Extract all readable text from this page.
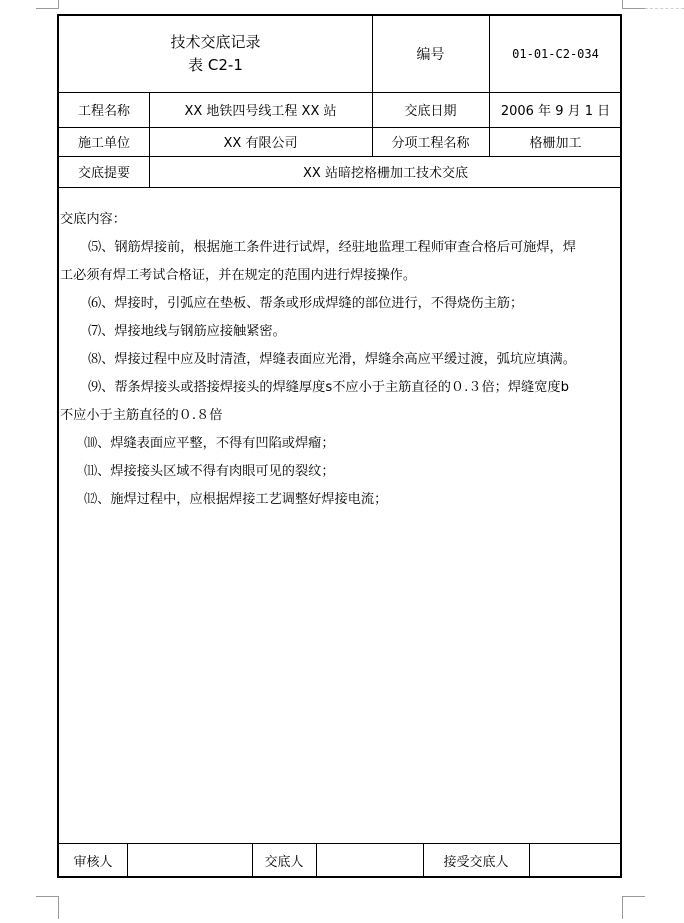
技术交底记录
表 C2-1
编号	01-01-C2-034
工程名称	XX 地铁四号线工程 XX 站	交底日期	2006 年 9 月 1 日
施工单位	XX 有限公司	分项工程名称	格栅加工
交底提要	XX 站暗挖格栅加工技术交底

交底内容：

⑸、钢筋焊接前，根据施工条件进行试焊，经驻地监理工程师审查合格后可施焊，焊

工必须有焊工考试合格证，并在规定的范围内进行焊接操作。

⑹、焊接时，引弧应在垫板、帮条或形成焊缝的部位进行，不得烧伤主筋；

⑺、焊接地线与钢筋应接触紧密。

⑻、焊接过程中应及时清渣，焊缝表面应光滑，焊缝余高应平缓过渡，弧坑应填满。

⑼、帮条焊接头或搭接焊接头的焊缝厚度s不应小于主筋直径的０.３倍；焊缝宽度b

不应小于主筋直径的０.８倍

⑽、焊缝表面应平整，不得有凹陷或焊瘤；

⑾、焊接接头区域不得有肉眼可见的裂纹；

⑿、施焊过程中，应根据焊接工艺调整好焊接电流；

审核人	交底人	接受交底人
